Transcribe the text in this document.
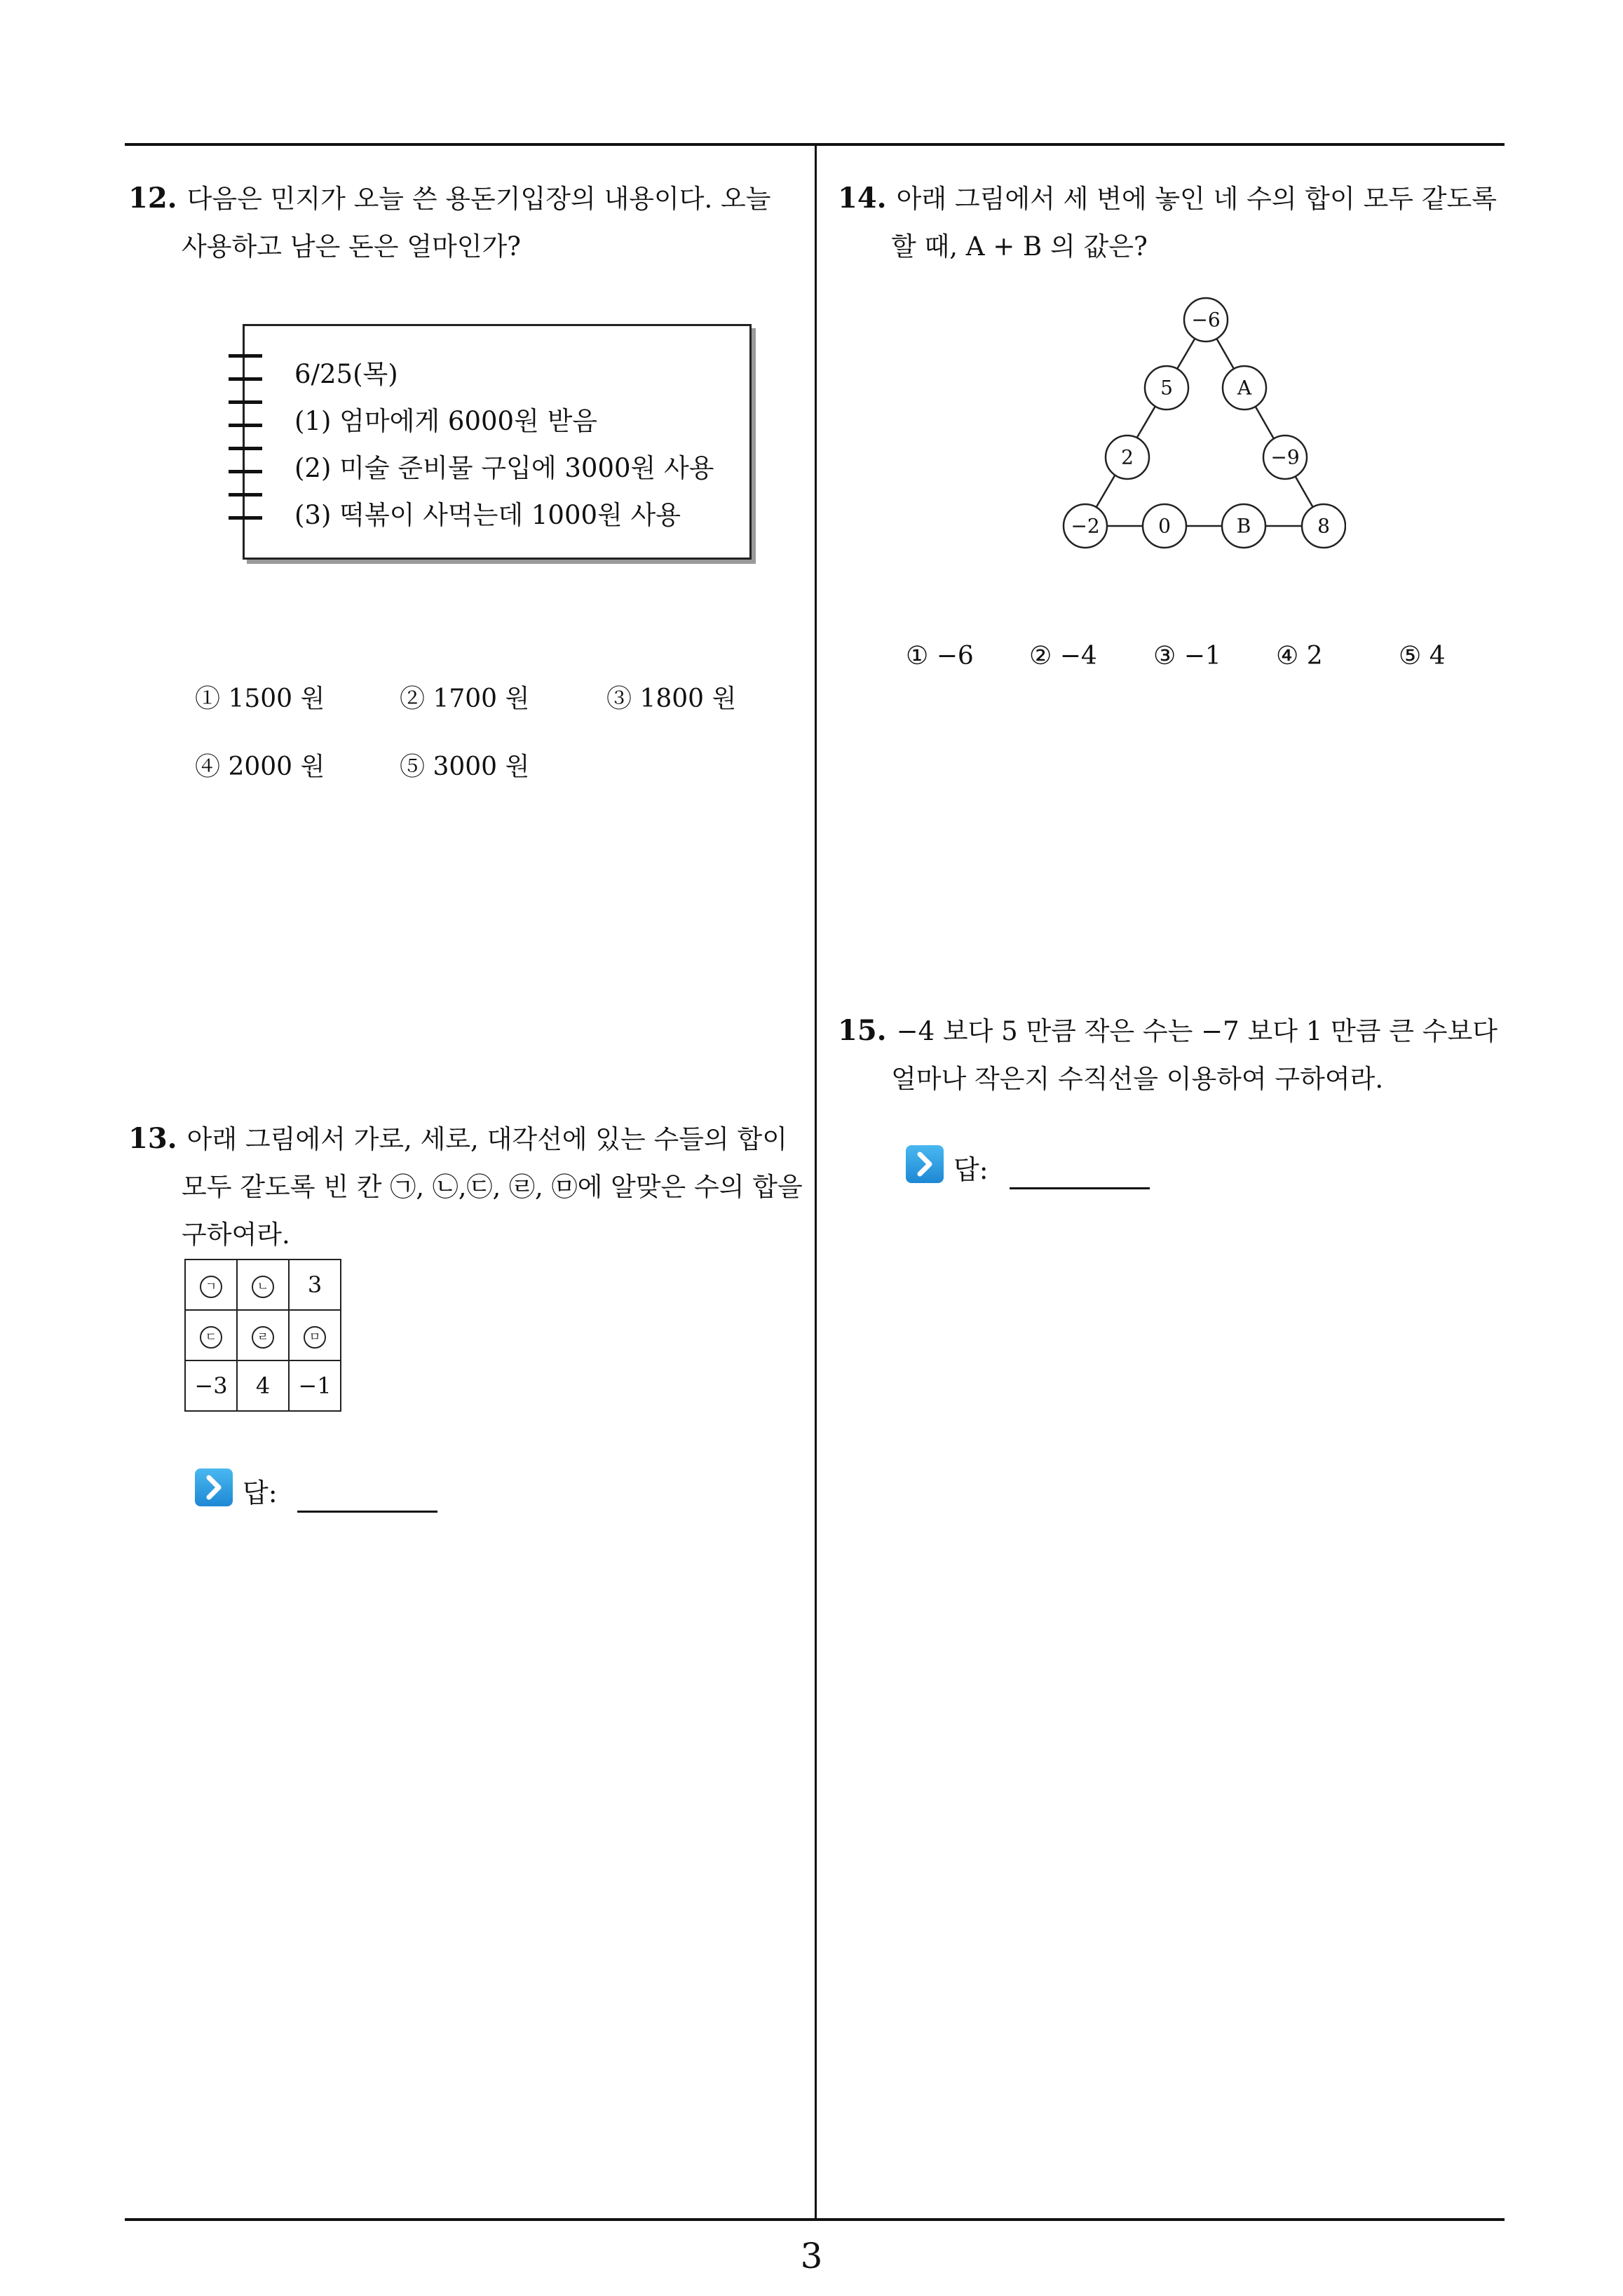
12. 다음은 민지가 오늘 쓴 용돈기입장의 내용이다. 오늘
사용하고 남은 돈은 얼마인가?
6/25(목)
(1) 엄마에게 6000원 받음
(2) 미술 준비물 구입에 3000원 사용
(3) 떡볶이 사먹는데 1000원 사용
① 1500 원	② 1700 원	③ 1800 원
④ 2000 원	⑤ 3000 원
13. 아래 그림에서 가로, 세로, 대각선에 있는 수들의 합이
모두 같도록 빈 칸 ㉠, ㉡,㉢, ㉣, ㉤에 알맞은 수의 합을
구하여라.
ㄱ	ㄴ	3
ㄷ	ㄹ	ㅁ
−3	4	−1
답:
14. 아래 그림에서 세 변에 놓인 네 수의 합이 모두 같도록
할 때, A + B 의 값은?
−6
5	A
2	−9
−2	0	B	8
① −6 ② −4 ③ −1 ④ 2	⑤ 4
15. −4 보다 5 만큼 작은 수는 −7 보다 1 만큼 큰 수보다
얼마나 작은지 수직선을 이용하여 구하여라.
답:
3
